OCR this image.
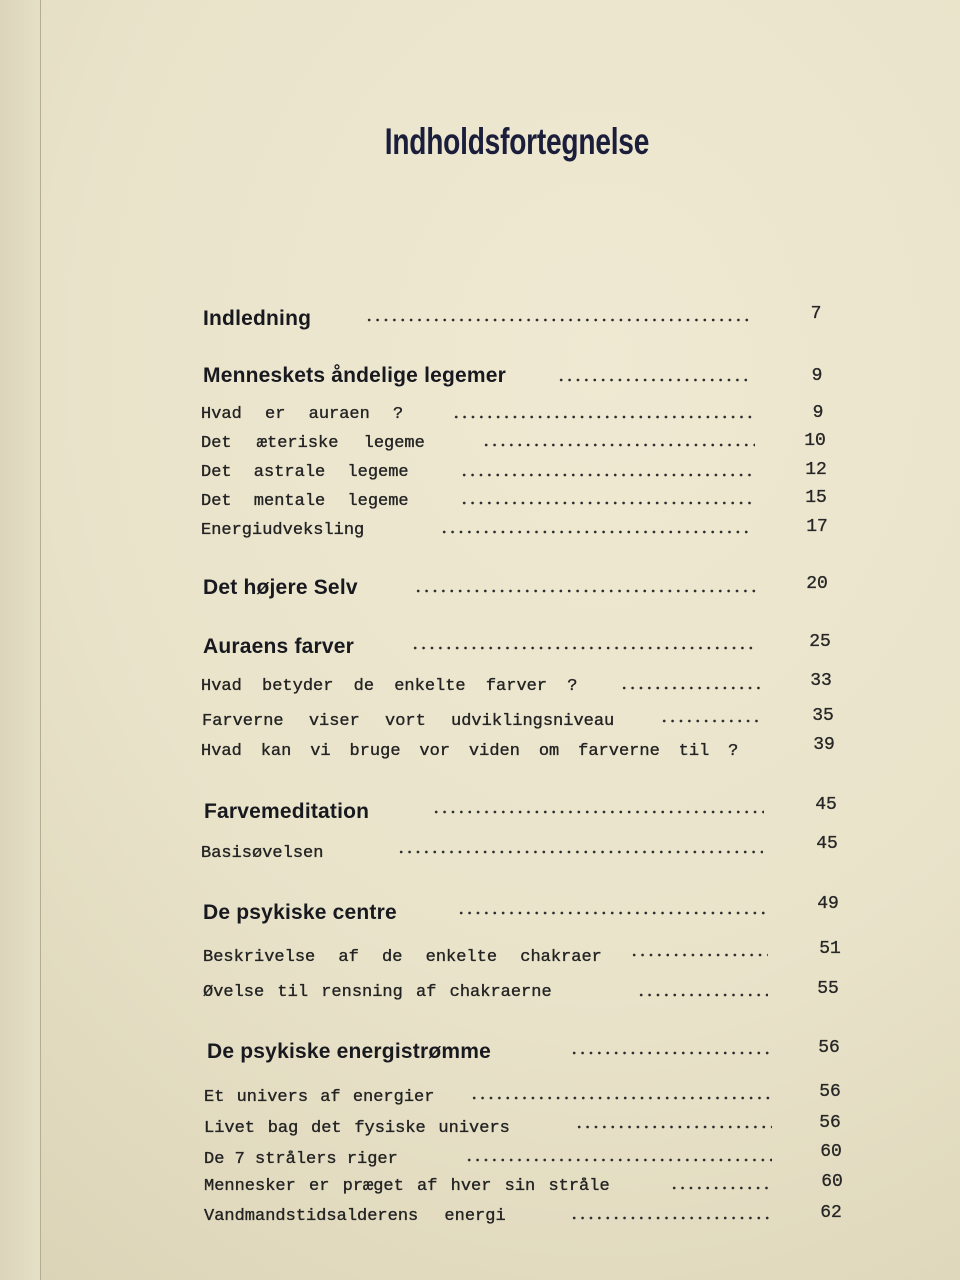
Indholdsfortegnelse
Indledning	7
Menneskets åndelige legemer	9
Hvad er auraen ?	9
Det æteriske legeme	10
Det astrale legeme	12
Det mentale legeme	15
Energiudveksling	17
Det højere Selv	20
Auraens farver	25
Hvad betyder de enkelte farver ?	33
Farverne viser vort udviklingsniveau	35
Hvad kan vi bruge vor viden om farverne til ?	39
Farvemeditation	45
Basisøvelsen	45
De psykiske centre	49
Beskrivelse af de enkelte chakraer	51
Øvelse til rensning af chakraerne	55
De psykiske energistrømme	56
Et univers af energier	56
Livet bag det fysiske univers	56
De 7 strålers riger	60
Mennesker er præget af hver sin stråle	60
Vandmandstidsalderens energi	62
